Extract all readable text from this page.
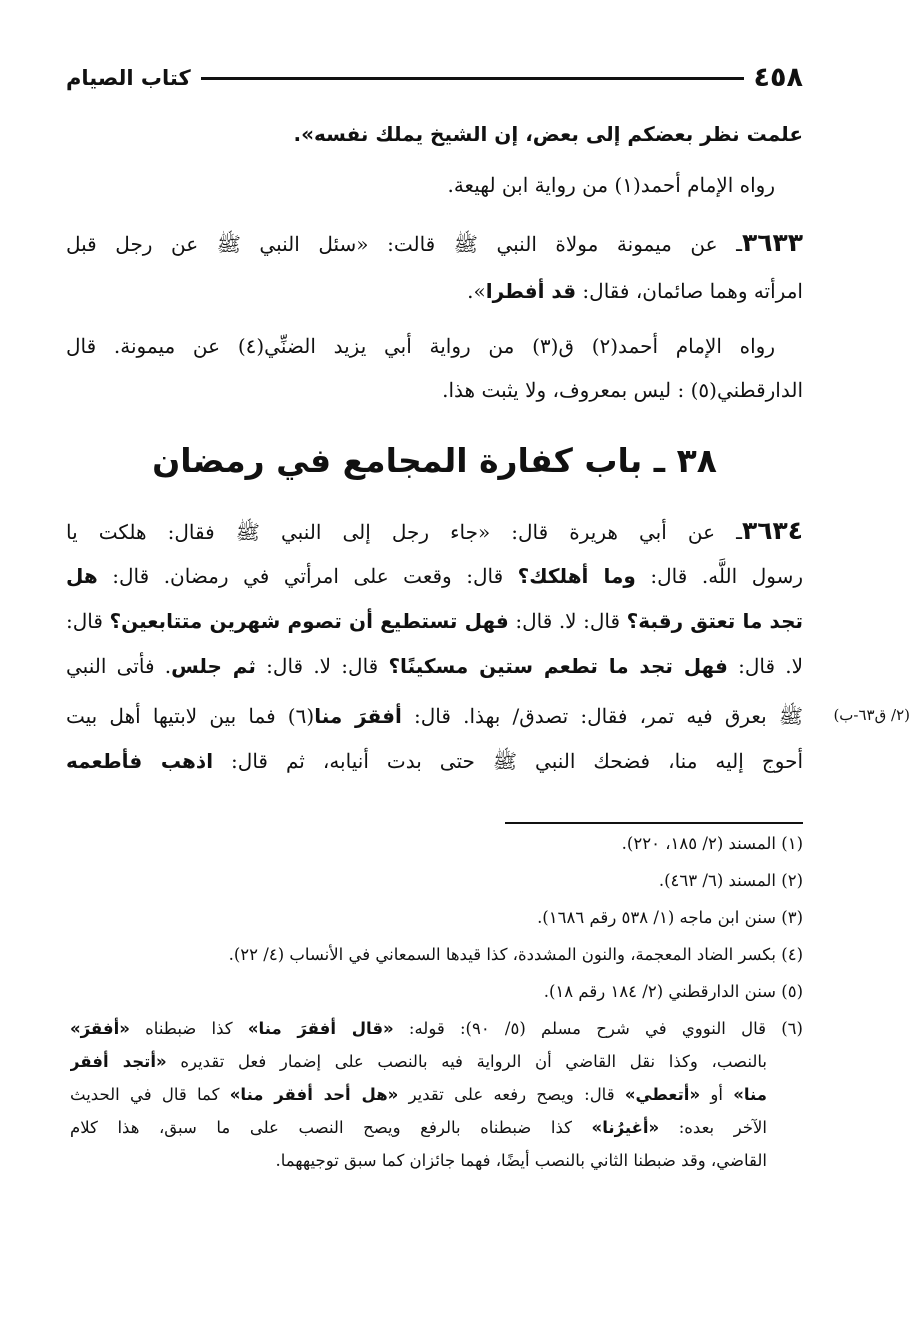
٤٥٨
كتاب الصيام
علمت نظر بعضكم إلى بعض، إن الشيخ يملك نفسه».
رواه الإمام أحمد(١) من رواية ابن لهيعة.
٣٦٣٣ـ عن ميمونة مولاة النبي ﷺ قالت: «سئل النبي ﷺ عن رجل قبل
امرأته وهما صائمان، فقال: قد أفطرا».
رواه الإمام أحمد(٢) ق(٣) من رواية أبي يزيد الضنِّي(٤) عن ميمونة. قال
الدارقطني(٥) : ليس بمعروف، ولا يثبت هذا.
٣٨ ـ باب كفارة المجامع في رمضان
٣٦٣٤ـ عن أبي هريرة قال: «جاء رجل إلى النبي ﷺ فقال: هلكت يا
رسول اللَّه. قال: وما أهلكك؟ قال: وقعت على امرأتي في رمضان. قال: هل
تجد ما تعتق رقبة؟ قال: لا. قال: فهل تستطيع أن تصوم شهرين متتابعين؟ قال:
لا. قال: فهل تجد ما تطعم ستين مسكينًا؟ قال: لا. قال: ثم جلس. فأتى النبي
ﷺ بعرق فيه تمر، فقال: تصدق/ بهذا. قال: أفقرَ منا(٦) فما بين لابتيها أهل بيت	(٢/ ق٦٣-ب)
أحوج إليه منا، فضحك النبي ﷺ حتى بدت أنيابه، ثم قال: اذهب فأطعمه
(١) المسند (٢/ ١٨٥، ٢٢٠).
(٢) المسند (٦/ ٤٦٣).
(٣) سنن ابن ماجه (١/ ٥٣٨ رقم ١٦٨٦).
(٤) بكسر الضاد المعجمة، والنون المشددة، كذا قيدها السمعاني في الأنساب (٤/ ٢٢).
(٥) سنن الدارقطني (٢/ ١٨٤ رقم ١٨).
(٦) قال النووي في شرح مسلم (٥/ ٩٠): قوله: «قال أفقرَ منا» كذا ضبطناه «أفقرَ»
بالنصب، وكذا نقل القاضي أن الرواية فيه بالنصب على إضمار فعل تقديره «أتجد أفقر
منا» أو «أتعطي» قال: ويصح رفعه على تقدير «هل أحد أفقر منا» كما قال في الحديث
الآخر بعده: «أغيرُنا» كذا ضبطناه بالرفع ويصح النصب على ما سبق، هذا كلام
القاضي، وقد ضبطنا الثاني بالنصب أيضًا، فهما جائزان كما سبق توجيههما.
